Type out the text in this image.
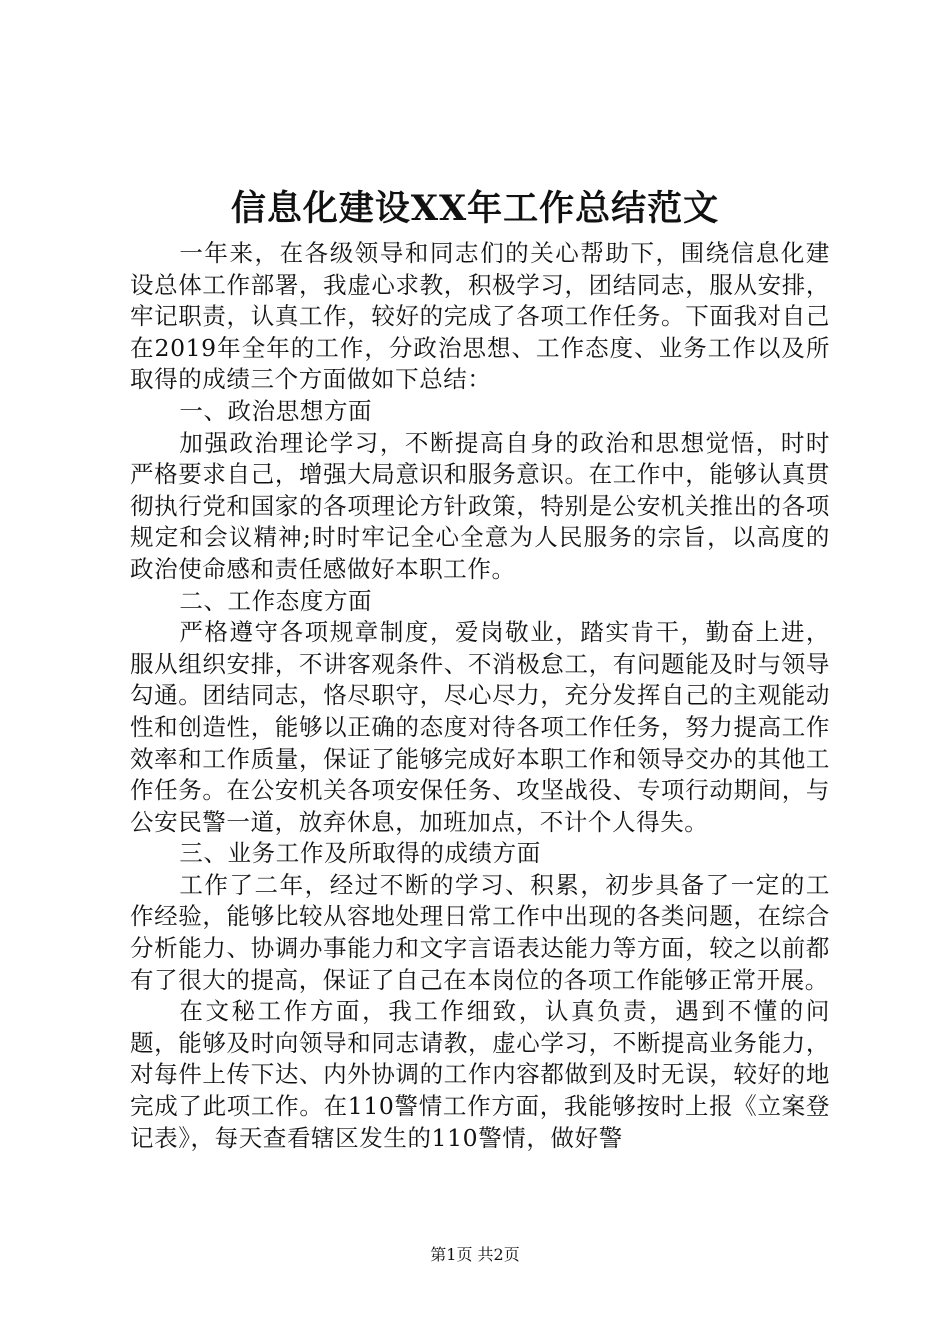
信息化建设XX年工作总结范文

一年来，在各级领导和同志们的关心帮助下，围绕信息化建设总体工作部署，我虚心求教，积极学习，团结同志，服从安排，牢记职责，认真工作，较好的完成了各项工作任务。下面我对自己在2019年全年的工作，分政治思想、工作态度、业务工作以及所取得的成绩三个方面做如下总结：

一、政治思想方面

加强政治理论学习，不断提高自身的政治和思想觉悟，时时严格要求自己，增强大局意识和服务意识。在工作中，能够认真贯彻执行党和国家的各项理论方针政策，特别是公安机关推出的各项规定和会议精神;时时牢记全心全意为人民服务的宗旨，以高度的政治使命感和责任感做好本职工作。

二、工作态度方面

严格遵守各项规章制度，爱岗敬业，踏实肯干，勤奋上进，服从组织安排，不讲客观条件、不消极怠工，有问题能及时与领导勾通。团结同志，恪尽职守，尽心尽力，充分发挥自己的主观能动性和创造性，能够以正确的态度对待各项工作任务，努力提高工作效率和工作质量，保证了能够完成好本职工作和领导交办的其他工作任务。在公安机关各项安保任务、攻坚战役、专项行动期间，与公安民警一道，放弃休息，加班加点，不计个人得失。

三、业务工作及所取得的成绩方面

工作了二年，经过不断的学习、积累，初步具备了一定的工作经验，能够比较从容地处理日常工作中出现的各类问题，在综合分析能力、协调办事能力和文字言语表达能力等方面，较之以前都有了很大的提高，保证了自己在本岗位的各项工作能够正常开展。

在文秘工作方面，我工作细致，认真负责，遇到不懂的问题，能够及时向领导和同志请教，虚心学习，不断提高业务能力，对每件上传下达、内外协调的工作内容都做到及时无误，较好的地完成了此项工作。在110警情工作方面，我能够按时上报《立案登记表》，每天查看辖区发生的110警情，做好警

第1页 共2页
